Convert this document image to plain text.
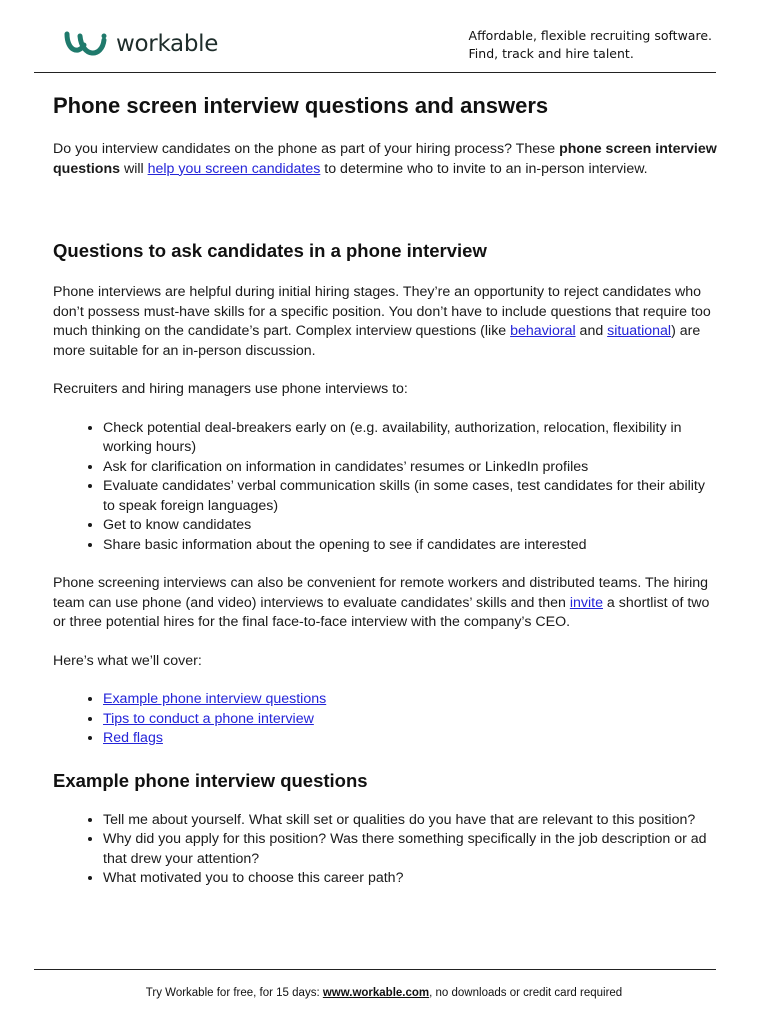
workable	Affordable, flexible recruiting software.
Find, track and hire talent.
Phone screen interview questions and answers

Do you interview candidates on the phone as part of your hiring process? These phone screen interview questions will help you screen candidates to determine who to invite to an in-person interview.

Questions to ask candidates in a phone interview

Phone interviews are helpful during initial hiring stages. They’re an opportunity to reject candidates who don’t possess must-have skills for a specific position. You don’t have to include questions that require too much thinking on the candidate’s part. Complex interview questions (like behavioral and situational) are more suitable for an in-person discussion.

Recruiters and hiring managers use phone interviews to:

• Check potential deal-breakers early on (e.g. availability, authorization, relocation, flexibility in working hours)
• Ask for clarification on information in candidates’ resumes or LinkedIn profiles
• Evaluate candidates’ verbal communication skills (in some cases, test candidates for their ability to speak foreign languages)
• Get to know candidates
• Share basic information about the opening to see if candidates are interested

Phone screening interviews can also be convenient for remote workers and distributed teams. The hiring team can use phone (and video) interviews to evaluate candidates’ skills and then invite a shortlist of two or three potential hires for the final face-to-face interview with the company’s CEO.

Here’s what we’ll cover:

• Example phone interview questions
• Tips to conduct a phone interview
• Red flags
Example phone interview questions
• Tell me about yourself. What skill set or qualities do you have that are relevant to this position?
• Why did you apply for this position? Was there something specifically in the job description or ad that drew your attention?
• What motivated you to choose this career path?
Try Workable for free, for 15 days: www.workable.com, no downloads or credit card required
